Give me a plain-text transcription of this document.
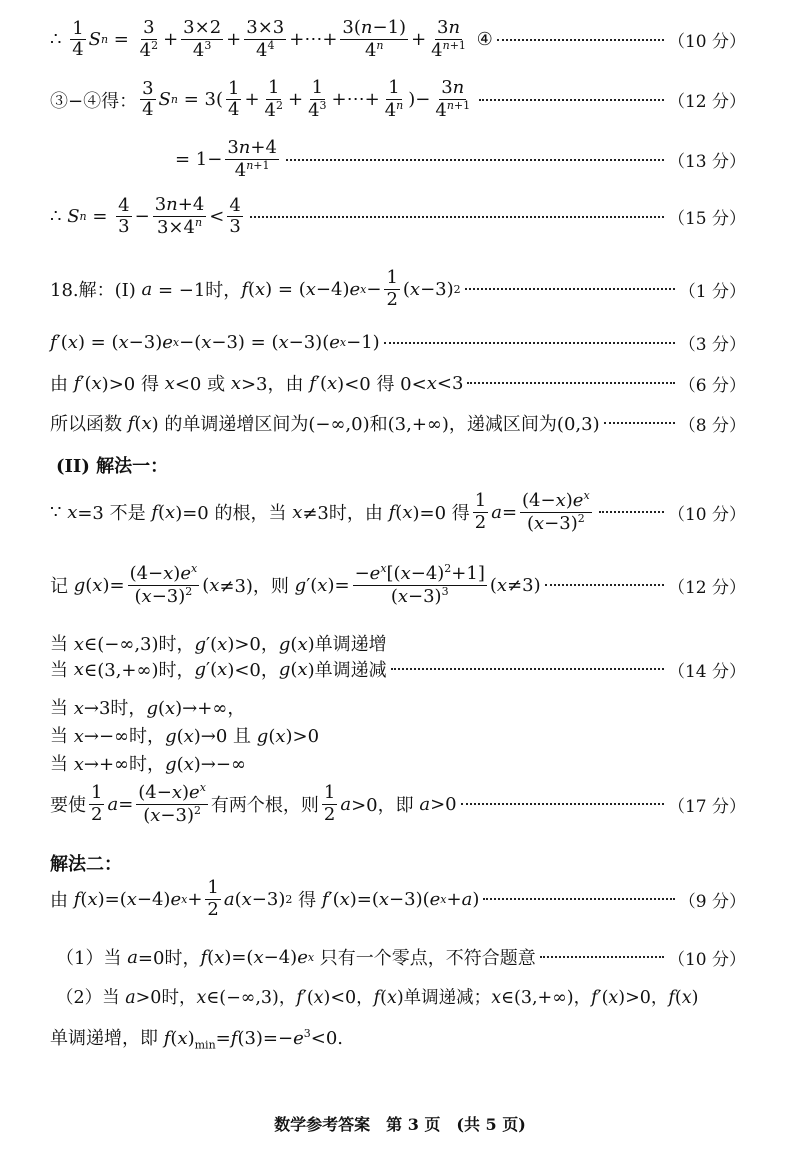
∴ $\frac{1}{4}$ S $n = \frac{3}{4^2} + \frac{3\times 2}{4^3} + \frac{3\times 3}{4^4}$ +⋯+ $\frac{3(n-1)}{4^n} + \frac{3n}{4^{n+1}}$ ④	（10 分）
③−④得： $\frac{3}{4}$ S $n = 3( \frac{1}{4} + \frac{1}{4^2} + \frac{1}{4^3}$ +⋯+ $\frac{1}{4^n}$ )− $\frac{3n}{4^{n+1}}$	（12 分）
= $1- \frac{3n+4}{4^{n+1}}$	（13 分）
∴ S $n = \frac{4}{3} - \frac{3n+4}{3\times 4^n} < \frac{4}{3}$	（15 分）
18.解：(I) a = −1时， f ( x ) = ( x −4) e $x - \frac{1}{2}$ ( x −3) 2	（1 分）
f ′( x ) = ( x −3) e x −( x −3) = ( x −3)( e x −1)	（3 分）
由 f ′( x )>0 得 x <0 或 x >3，由 f ′( x )<0 得 0< x <3	（6 分）
所以函数 f ( x ) 的单调递增区间为(−∞,0)和(3,+∞)，递减区间为(0,3)	（8 分）
(II) 解法一：
∵ x =3 不是 f ( x )=0 的根，当 x ≠3时，由 f ( x )=0 得 $\frac{1}{2}$ $a = \frac{(4-x)e^x}{(x-3)^2}$	（10 分）
记 g ( x )= $\frac{(4-x)e^x}{(x-3)^2}$ ( x ≠3)，则 g ′( x )= $\frac{-e^x[(x-4)^2+1]}{(x-3)^3}$ ( x ≠3)	（12 分）
当 x∈(−∞,3)时，g′(x)>0，g(x)单调递增
当 x ∈(3,+∞)时， g ′( x )<0， g ( x )单调递减	（14 分）
当 x→3时，g(x)→+∞，
当 x→−∞时，g(x)→0 且 g(x)>0
当 x→+∞时，g(x)→−∞
要使 $\frac{1}{2}$ $a = \frac{(4-x)e^x}{(x-3)^2}$ 有两个根，则 $\frac{1}{2}$ a >0，即 a >0	（17 分）
解法二：
由 f ( x )=( x −4) e $x + \frac{1}{2}$ a ( x −3) 2 得 f ′( x )=( x −3)( e x + a )	（9 分）
（1）当 a =0时， f ( x )=( x −4) e x 只有一个零点，不符合题意	（10 分）
（2）当 a>0时，x∈(−∞,3)，f′(x)<0，f(x)单调递减；x∈(3,+∞)，f′(x)>0，f(x)
单调递增，即 $f(x)_{min}=f(3)=-e^3<0$.
数学参考答案　第 3 页　(共 5 页)
